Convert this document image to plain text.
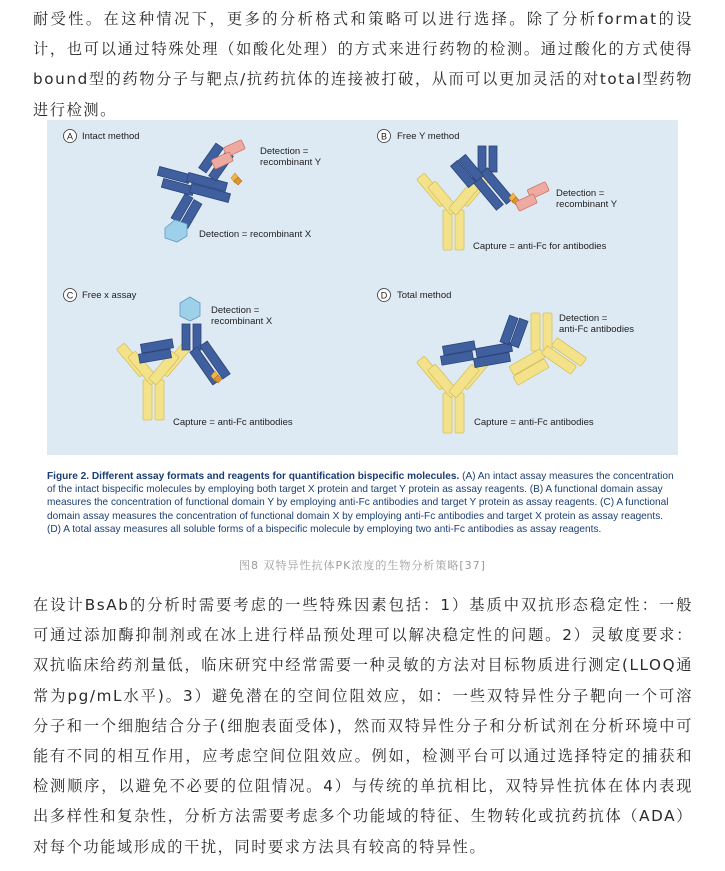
耐受性。在这种情况下，更多的分析格式和策略可以进行选择。除了分析format的设计，也可以通过特殊处理（如酸化处理）的方式来进行药物的检测。通过酸化的方式使得bound型的药物分子与靶点/抗药抗体的连接被打破，从而可以更加灵活的对total型药物进行检测。

A Intact method
Detection =
recombinant Y
Detection = recombinant X
B Free Y method
Detection =
recombinant Y
Capture = anti-Fc for antibodies
C Free x assay
Detection =
recombinant X
Capture = anti-Fc antibodies
D Total method
Detection =
anti-Fc antibodies
Capture = anti-Fc antibodies

Figure 2. Different assay formats and reagents for quantification bispecific molecules. (A) An intact assay measures the concentration of the intact bispecific molecules by employing both target X protein and target Y protein as assay reagents. (B) A functional domain assay measures the concentration of functional domain Y by employing anti-Fc antibodies and target Y protein as assay reagents. (C) A functional domain assay measures the concentration of functional domain X by employing anti-Fc antibodies and target X protein as assay reagents. (D) A total assay measures all soluble forms of a bispecific molecule by employing two anti-Fc antibodies as assay reagents.

图8 双特异性抗体PK浓度的生物分析策略[37]

在设计BsAb的分析时需要考虑的一些特殊因素包括：1）基质中双抗形态稳定性：一般可通过添加酶抑制剂或在冰上进行样品预处理可以解决稳定性的问题。2）灵敏度要求：双抗临床给药剂量低，临床研究中经常需要一种灵敏的方法对目标物质进行测定(LLOQ通常为pg/mL水平)。3）避免潜在的空间位阻效应，如：一些双特异性分子靶向一个可溶分子和一个细胞结合分子(细胞表面受体)，然而双特异性分子和分析试剂在分析环境中可能有不同的相互作用，应考虑空间位阻效应。例如，检测平台可以通过选择特定的捕获和检测顺序，以避免不必要的位阻情况。4）与传统的单抗相比，双特异性抗体在体内表现出多样性和复杂性，分析方法需要考虑多个功能域的特征、生物转化或抗药抗体（ADA）对每个功能域形成的干扰，同时要求方法具有较高的特异性。
